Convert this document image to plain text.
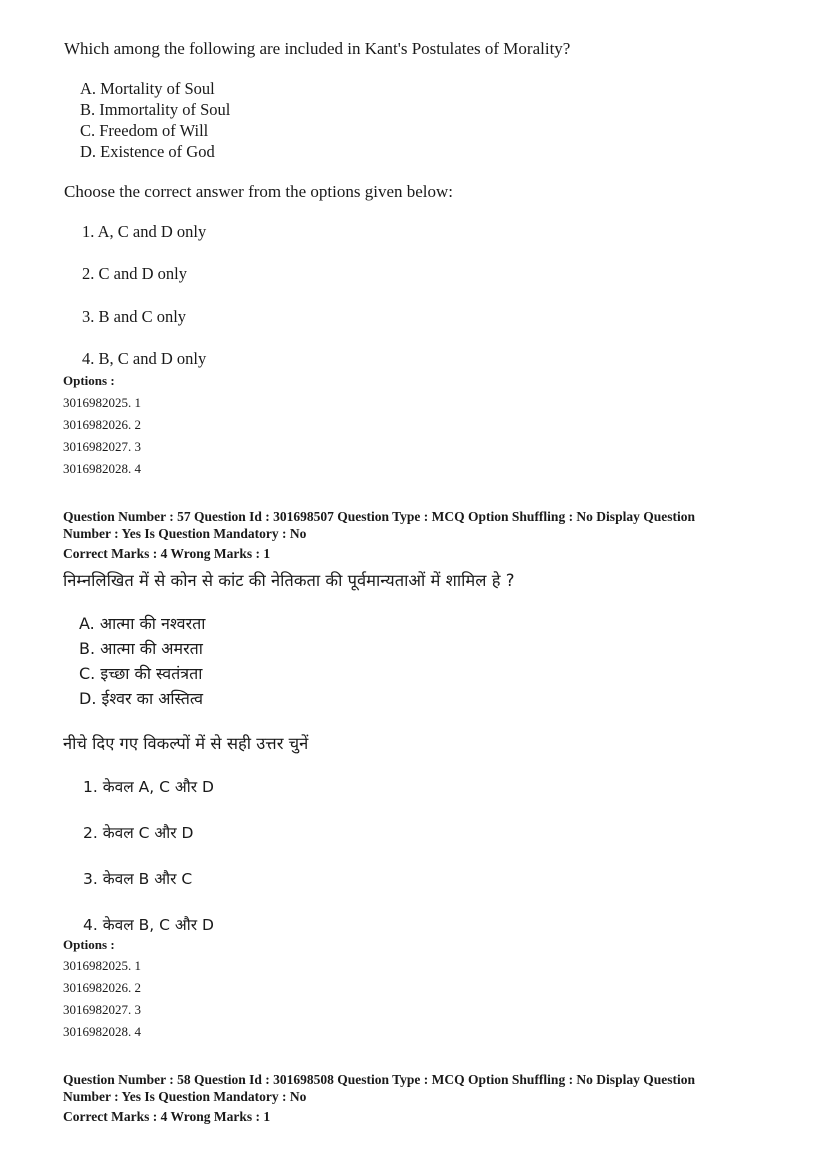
Which among the following are included in Kant's Postulates of Morality?
A. Mortality of Soul
B. Immortality of Soul
C. Freedom of Will
D. Existence of God
Choose the correct answer from the options given below:
1. A, C and D only
2. C and D only
3. B and C only
4. B, C and D only
Options :
3016982025. 1
3016982026. 2
3016982027. 3
3016982028. 4
Question Number : 57 Question Id : 301698507 Question Type : MCQ Option Shuffling : No Display Question
Number : Yes Is Question Mandatory : No
Correct Marks : 4 Wrong Marks : 1
निम्नलिखित में से कोन से कांट की नेतिकता की पूर्वमान्यताओं में शामिल हे ?
A. आत्मा की नश्वरता
B. आत्मा की अमरता
C. इच्छा की स्वतंत्रता
D. ईश्वर का अस्तित्व
नीचे दिए गए विकल्पों में से सही उत्तर चुनें
1. केवल A, C और D
2. केवल C और D
3. केवल B और C
4. केवल B, C और D
Options :
3016982025. 1
3016982026. 2
3016982027. 3
3016982028. 4
Question Number : 58 Question Id : 301698508 Question Type : MCQ Option Shuffling : No Display Question
Number : Yes Is Question Mandatory : No
Correct Marks : 4 Wrong Marks : 1
